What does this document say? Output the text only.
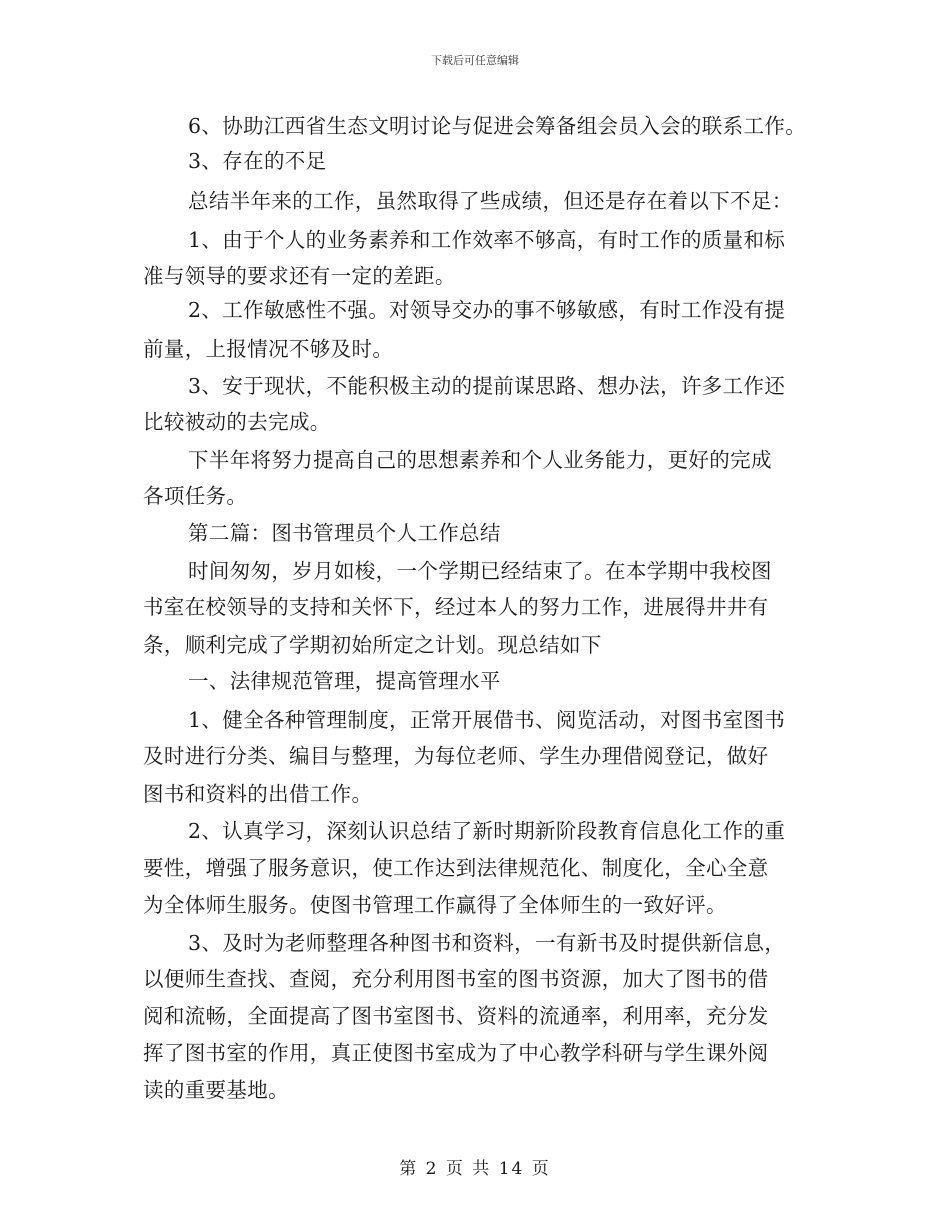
下载后可任意编辑
6、协助江西省生态文明讨论与促进会筹备组会员入会的联系工作。
3、存在的不足
总结半年来的工作，虽然取得了些成绩，但还是存在着以下不足：
1、由于个人的业务素养和工作效率不够高，有时工作的质量和标
准与领导的要求还有一定的差距。
2、工作敏感性不强。对领导交办的事不够敏感，有时工作没有提
前量，上报情况不够及时。
3、安于现状，不能积极主动的提前谋思路、想办法，许多工作还
比较被动的去完成。
下半年将努力提高自己的思想素养和个人业务能力，更好的完成
各项任务。
第二篇：图书管理员个人工作总结
时间匆匆，岁月如梭，一个学期已经结束了。在本学期中我校图
书室在校领导的支持和关怀下，经过本人的努力工作，进展得井井有
条，顺利完成了学期初始所定之计划。现总结如下
一、法律规范管理，提高管理水平
1、健全各种管理制度，正常开展借书、阅览活动，对图书室图书
及时进行分类、编目与整理，为每位老师、学生办理借阅登记，做好
图书和资料的出借工作。
2、认真学习，深刻认识总结了新时期新阶段教育信息化工作的重
要性，增强了服务意识，使工作达到法律规范化、制度化，全心全意
为全体师生服务。使图书管理工作赢得了全体师生的一致好评。
3、及时为老师整理各种图书和资料，一有新书及时提供新信息，
以便师生查找、查阅，充分利用图书室的图书资源，加大了图书的借
阅和流畅，全面提高了图书室图书、资料的流通率，利用率，充分发
挥了图书室的作用，真正使图书室成为了中心教学科研与学生课外阅
读的重要基地。
第 2 页 共 14 页
